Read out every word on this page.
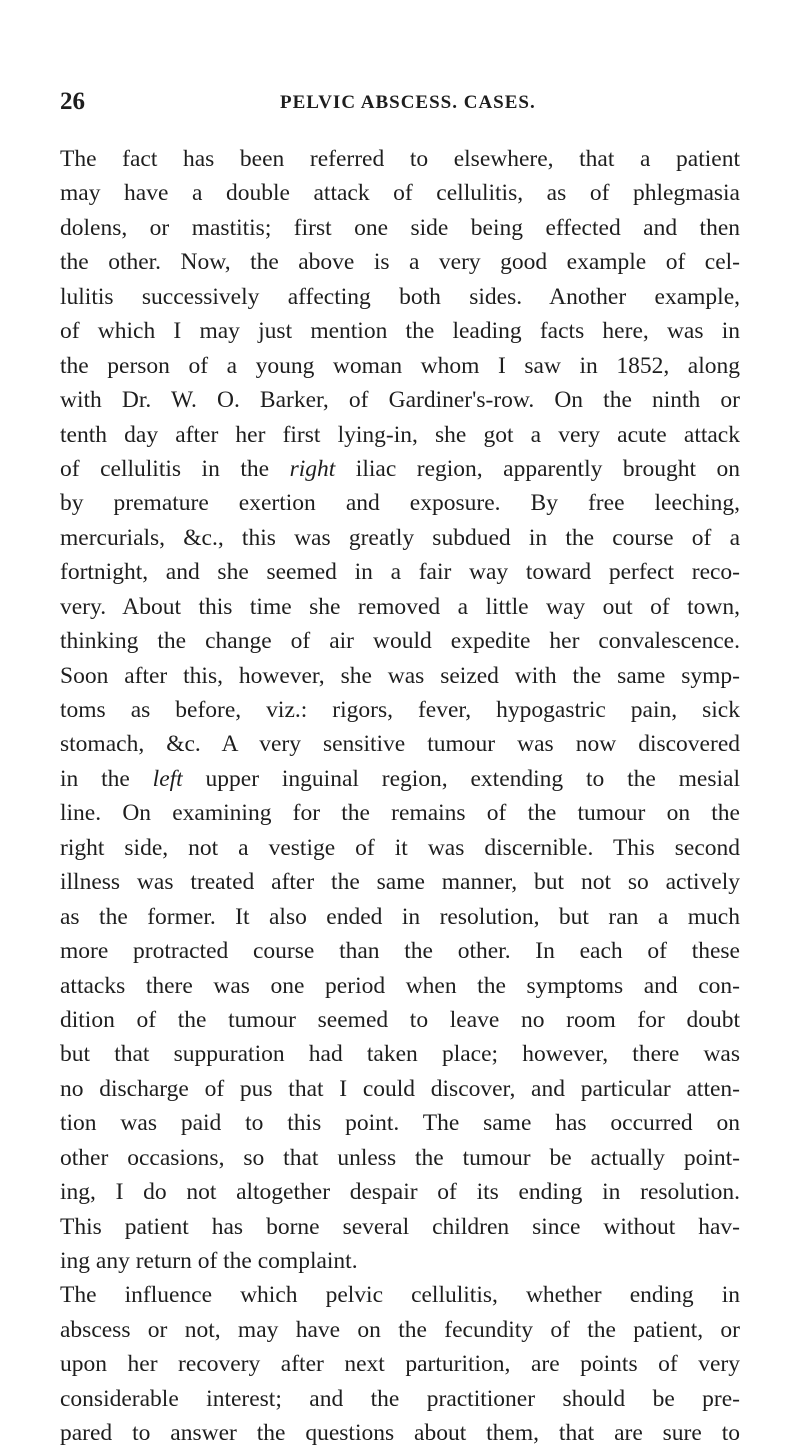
26	PELVIC ABSCESS. CASES.
The fact has been referred to elsewhere, that a patient
may have a double attack of cellulitis, as of phlegmasia
dolens, or mastitis; first one side being effected and then
the other. Now, the above is a very good example of cel-
lulitis successively affecting both sides. Another example,
of which I may just mention the leading facts here, was in
the person of a young woman whom I saw in 1852, along
with Dr. W. O. Barker, of Gardiner's-row. On the ninth or
tenth day after her first lying-in, she got a very acute attack
of cellulitis in the right iliac region, apparently brought on
by premature exertion and exposure. By free leeching,
mercurials, &c., this was greatly subdued in the course of a
fortnight, and she seemed in a fair way toward perfect reco-
very. About this time she removed a little way out of town,
thinking the change of air would expedite her convalescence.
Soon after this, however, she was seized with the same symp-
toms as before, viz.: rigors, fever, hypogastric pain, sick
stomach, &c. A very sensitive tumour was now discovered
in the left upper inguinal region, extending to the mesial
line. On examining for the remains of the tumour on the
right side, not a vestige of it was discernible. This second
illness was treated after the same manner, but not so actively
as the former. It also ended in resolution, but ran a much
more protracted course than the other. In each of these
attacks there was one period when the symptoms and con-
dition of the tumour seemed to leave no room for doubt
but that suppuration had taken place; however, there was
no discharge of pus that I could discover, and particular atten-
tion was paid to this point. The same has occurred on
other occasions, so that unless the tumour be actually point-
ing, I do not altogether despair of its ending in resolution.
This patient has borne several children since without hav-
ing any return of the complaint.
The influence which pelvic cellulitis, whether ending in
abscess or not, may have on the fecundity of the patient, or
upon her recovery after next parturition, are points of very
considerable interest; and the practitioner should be pre-
pared to answer the questions about them, that are sure to
